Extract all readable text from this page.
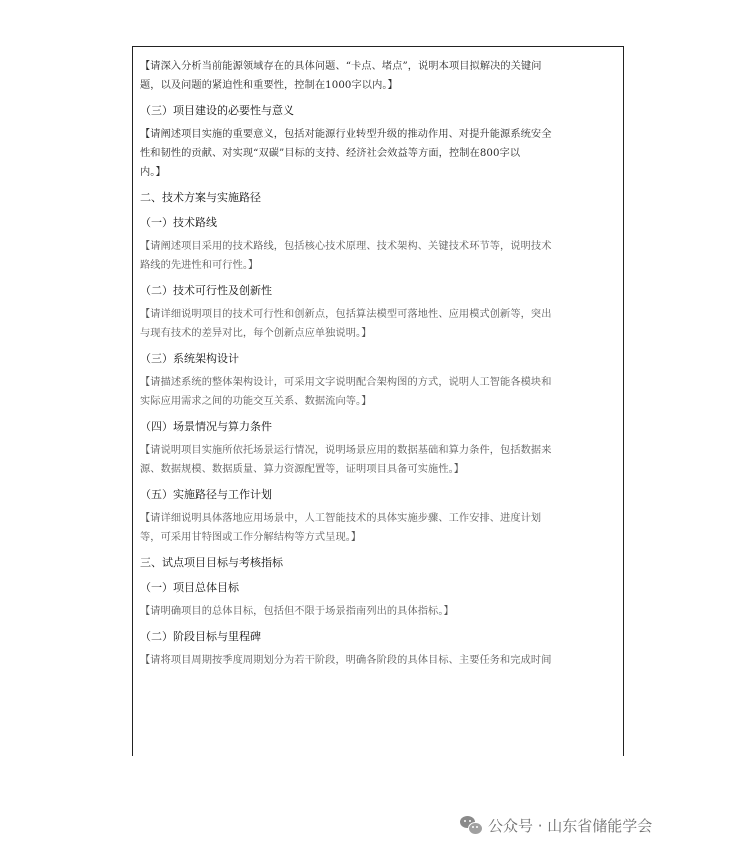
【请深入分析当前能源领域存在的具体问题、“卡点、堵点”，说明本项目拟解决的关键问
题，以及问题的紧迫性和重要性，控制在1000字以内。】
（三）项目建设的必要性与意义
【请阐述项目实施的重要意义，包括对能源行业转型升级的推动作用、对提升能源系统安全
性和韧性的贡献、对实现“双碳”目标的支持、经济社会效益等方面，控制在800字以
内。】
二、技术方案与实施路径
（一）技术路线
【请阐述项目采用的技术路线，包括核心技术原理、技术架构、关键技术环节等，说明技术
路线的先进性和可行性。】
（二）技术可行性及创新性
【请详细说明项目的技术可行性和创新点，包括算法模型可落地性、应用模式创新等，突出
与现有技术的差异对比，每个创新点应单独说明。】
（三）系统架构设计
【请描述系统的整体架构设计，可采用文字说明配合架构图的方式，说明人工智能各模块和
实际应用需求之间的功能交互关系、数据流向等。】
（四）场景情况与算力条件
【请说明项目实施所依托场景运行情况，说明场景应用的数据基础和算力条件，包括数据来
源、数据规模、数据质量、算力资源配置等，证明项目具备可实施性。】
（五）实施路径与工作计划
【请详细说明具体落地应用场景中，人工智能技术的具体实施步骤、工作安排、进度计划
等，可采用甘特图或工作分解结构等方式呈现。】
三、试点项目目标与考核指标
（一）项目总体目标
【请明确项目的总体目标，包括但不限于场景指南列出的具体指标。】
（二）阶段目标与里程碑
【请将项目周期按季度周期划分为若干阶段，明确各阶段的具体目标、主要任务和完成时间
公众号 · 山东省储能学会
